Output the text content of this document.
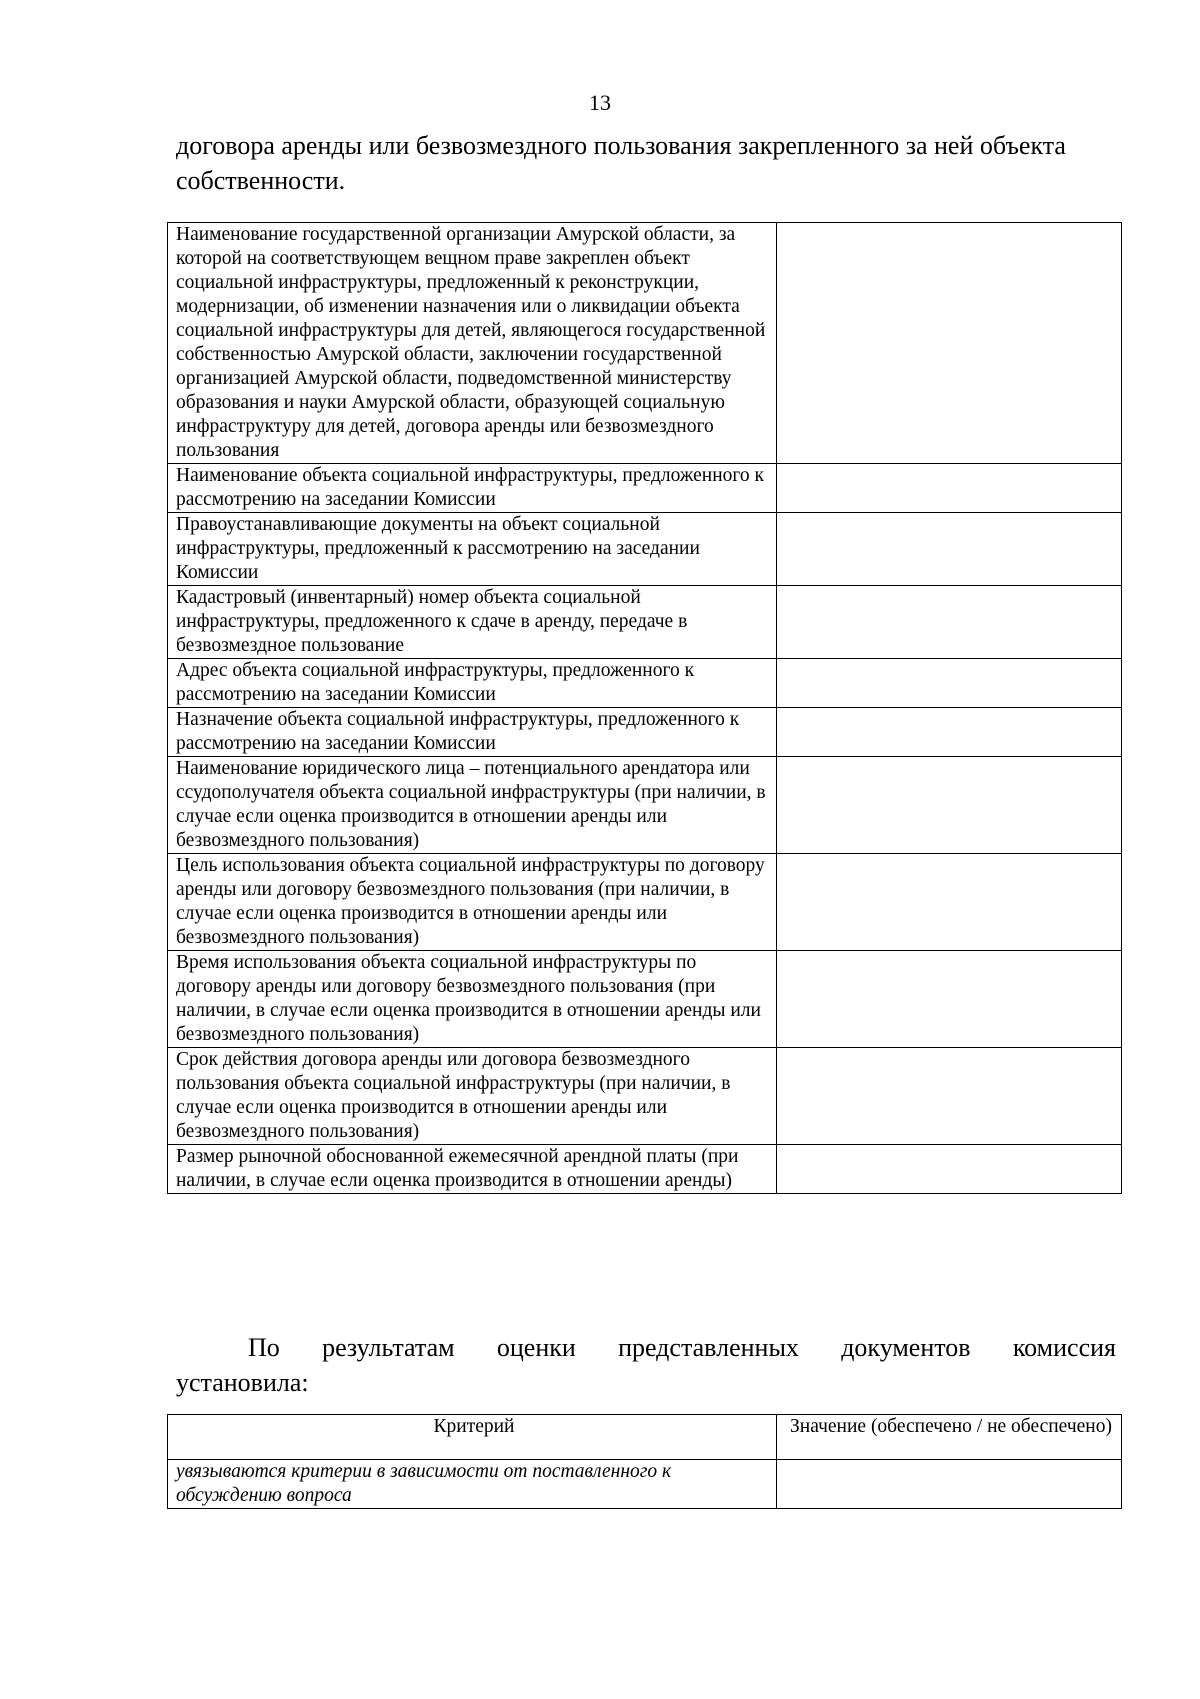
13
договора аренды или безвозмездного пользования закрепленного за ней объекта собственности.
Наименование государственной организации Амурской области, за которой на соответствующем вещном праве закреплен объект социальной инфраструктуры, предложенный к реконструкции, модернизации, об изменении назначения или о ликвидации объекта социальной инфраструктуры для детей, являющегося государственной собственностью Амурской области, заключении государственной организацией Амурской области, подведомственной министерству образования и науки Амурской области, образующей социальную инфраструктуру для детей, договора аренды или безвозмездного пользования	
Наименование объекта социальной инфраструктуры, предложенного к рассмотрению на заседании Комиссии	
Правоустанавливающие документы на объект социальной инфраструктуры, предложенный к рассмотрению на заседании Комиссии	
Кадастровый (инвентарный) номер объекта социальной инфраструктуры, предложенного к сдаче в аренду, передаче в безвозмездное пользование	
Адрес объекта социальной инфраструктуры, предложенного к рассмотрению на заседании Комиссии	
Назначение объекта социальной инфраструктуры, предложенного к рассмотрению на заседании Комиссии	
Наименование юридического лица – потенциального арендатора или ссудополучателя объекта социальной инфраструктуры (при наличии, в случае если оценка производится в отношении аренды или безвозмездного пользования)	
Цель использования объекта социальной инфраструктуры по договору аренды или договору безвозмездного пользования (при наличии, в случае если оценка производится в отношении аренды или безвозмездного пользования)	
Время использования объекта социальной инфраструктуры по договору аренды или договору безвозмездного пользования (при наличии, в случае если оценка производится в отношении аренды или безвозмездного пользования)	
Срок действия договора аренды или договора безвозмездного пользования объекта социальной инфраструктуры (при наличии, в случае если оценка производится в отношении аренды или безвозмездного пользования)	
Размер рыночной обоснованной ежемесячной арендной платы (при наличии, в случае если оценка производится в отношении аренды)	
По результатам оценки представленных документов комиссия
установила:
Критерий	Значение (обеспечено / не обеспечено)
увязываются критерии в зависимости от поставленного к обсуждению вопроса	
